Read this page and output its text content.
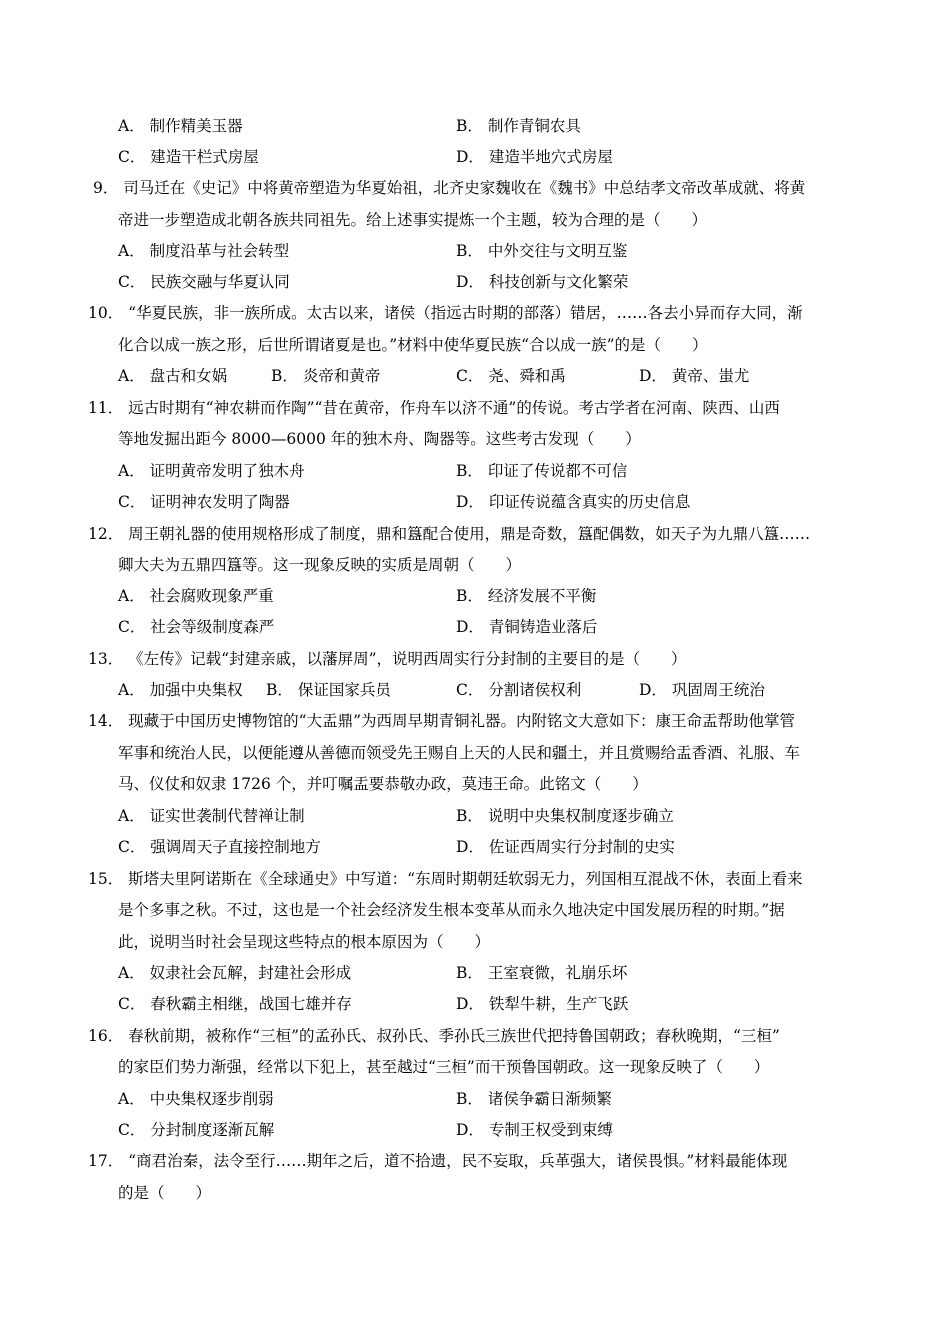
A． 制作精美玉器	B． 制作青铜农具
C． 建造干栏式房屋	D． 建造半地穴式房屋
9． 司马迁在《史记》中将黄帝塑造为华夏始祖，北齐史家魏收在《魏书》中总结孝文帝改革成就、将黄
帝进一步塑造成北朝各族共同祖先。给上述事实提炼一个主题，较为合理的是（　　）
A． 制度沿革与社会转型	B． 中外交往与文明互鉴
C． 民族交融与华夏认同	D． 科技创新与文化繁荣
10． “华夏民族，非一族所成。太古以来，诸侯（指远古时期的部落）错居，……各去小异而存大同，渐
化合以成一族之形，后世所谓诸夏是也。”材料中使华夏民族“合以成一族”的是（　　）
A． 盘古和女娲	B． 炎帝和黄帝	C． 尧、舜和禹	D． 黄帝、蚩尤
11． 远古时期有“神农耕而作陶”“昔在黄帝，作舟车以济不通”的传说。考古学者在河南、陕西、山西
等地发掘出距今 8000—6000 年的独木舟、陶器等。这些考古发现（　　）
A． 证明黄帝发明了独木舟	B． 印证了传说都不可信
C． 证明神农发明了陶器	D． 印证传说蕴含真实的历史信息
12． 周王朝礼器的使用规格形成了制度，鼎和簋配合使用，鼎是奇数，簋配偶数，如天子为九鼎八簋……
卿大夫为五鼎四簋等。这一现象反映的实质是周朝（　　）
A． 社会腐败现象严重	B． 经济发展不平衡
C． 社会等级制度森严	D． 青铜铸造业落后
13． 《左传》记载“封建亲戚，以藩屏周”，说明西周实行分封制的主要目的是（　　）
A． 加强中央集权 B． 保证国家兵员	C． 分割诸侯权利	D． 巩固周王统治
14． 现藏于中国历史博物馆的“大盂鼎”为西周早期青铜礼器。内附铭文大意如下：康王命盂帮助他掌管
军事和统治人民，以便能遵从善德而领受先王赐自上天的人民和疆土，并且赏赐给盂香酒、礼服、车
马、仪仗和奴隶 1726 个，并叮嘱盂要恭敬办政，莫违王命。此铭文（　　）
A． 证实世袭制代替禅让制	B． 说明中央集权制度逐步确立
C． 强调周天子直接控制地方	D． 佐证西周实行分封制的史实
15． 斯塔夫里阿诺斯在《全球通史》中写道：“东周时期朝廷软弱无力，列国相互混战不休，表面上看来
是个多事之秋。不过，这也是一个社会经济发生根本变革从而永久地决定中国发展历程的时期。”据
此，说明当时社会呈现这些特点的根本原因为（　　）
A． 奴隶社会瓦解，封建社会形成	B． 王室衰微，礼崩乐坏
C． 春秋霸主相继，战国七雄并存	D． 铁犁牛耕，生产飞跃
16． 春秋前期，被称作“三桓”的孟孙氏、叔孙氏、季孙氏三族世代把持鲁国朝政；春秋晚期，“三桓”
的家臣们势力渐强，经常以下犯上，甚至越过“三桓”而干预鲁国朝政。这一现象反映了（　　）
A． 中央集权逐步削弱	B． 诸侯争霸日渐频繁
C． 分封制度逐渐瓦解	D． 专制王权受到束缚
17． “商君治秦，法令至行……期年之后，道不拾遗，民不妄取，兵革强大，诸侯畏惧。”材料最能体现
的是（　　）
